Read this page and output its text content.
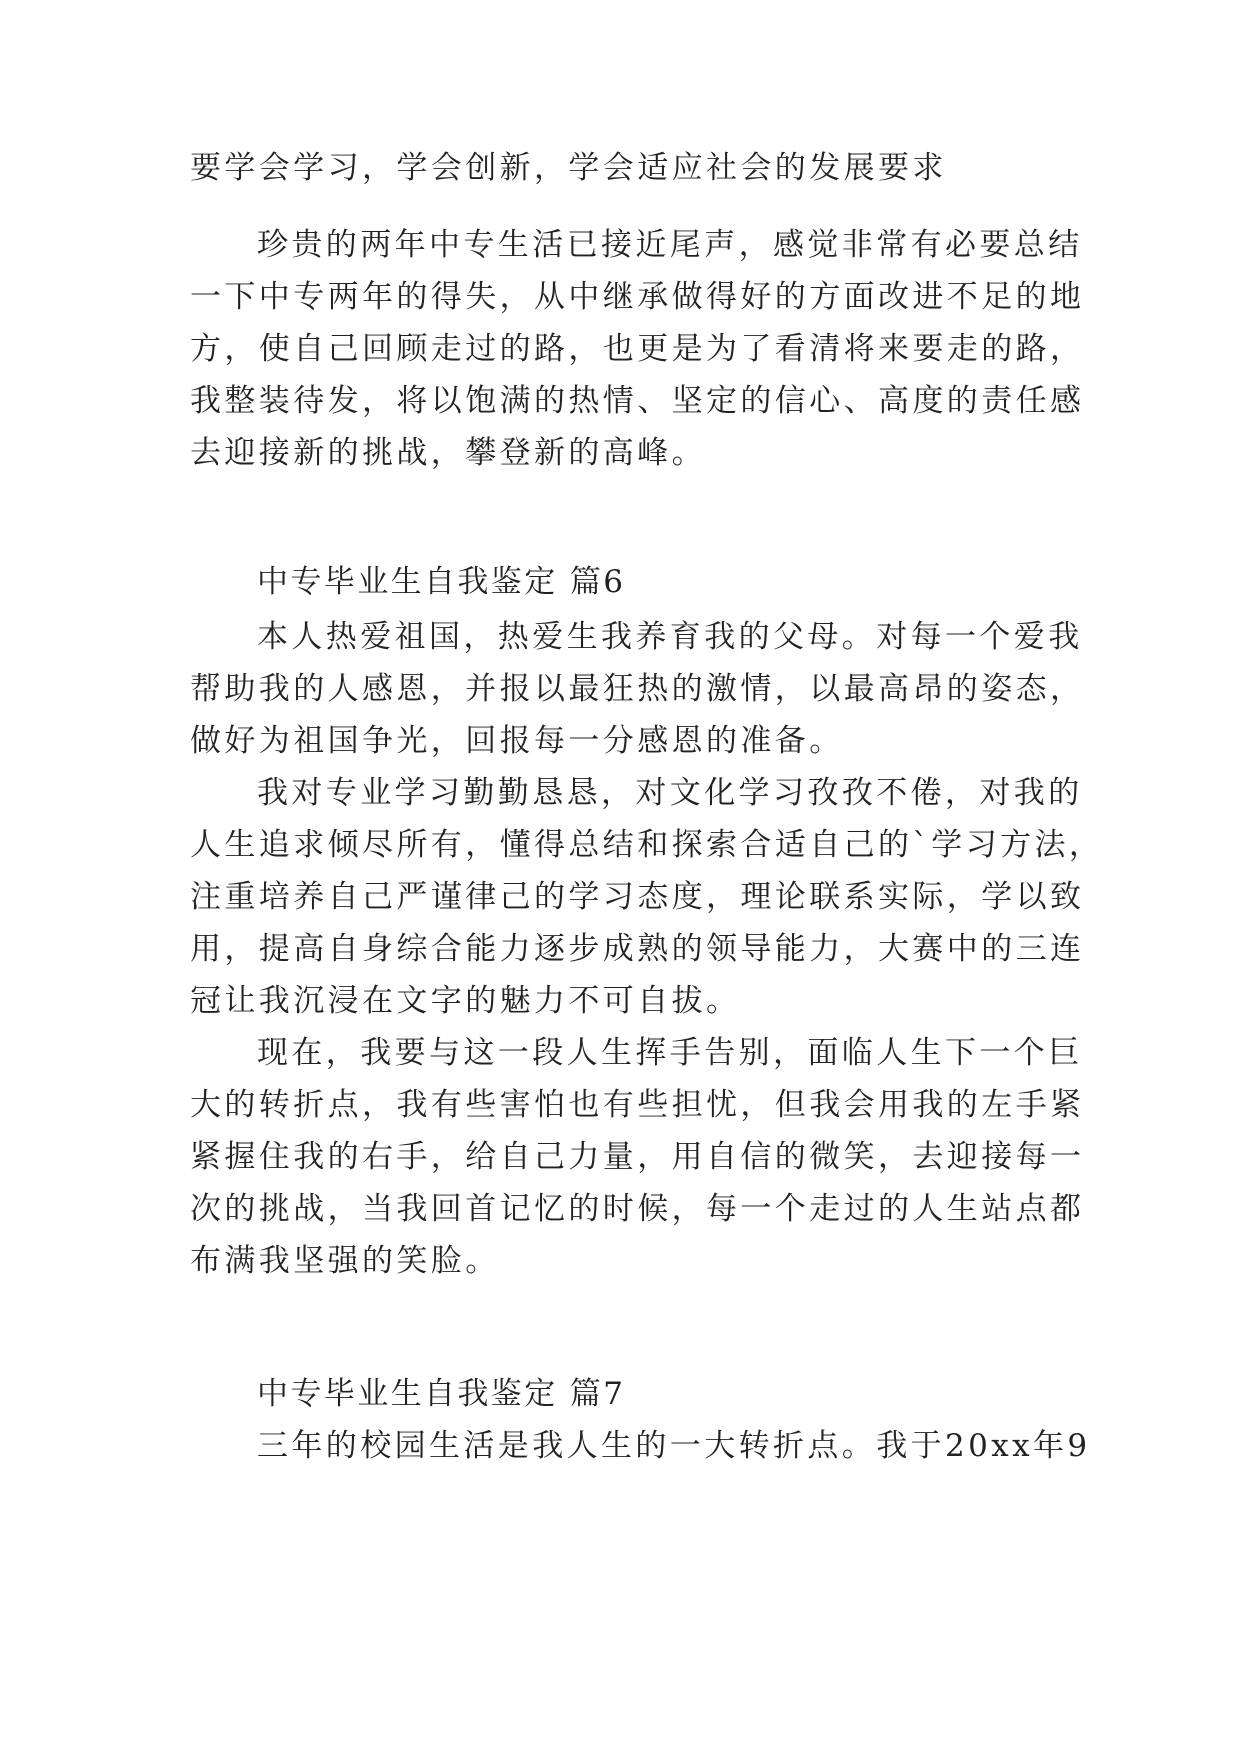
要学会学习，学会创新，学会适应社会的发展要求

珍贵的两年中专生活已接近尾声，感觉非常有必要总结

一下中专两年的得失，从中继承做得好的方面改进不足的地

方，使自己回顾走过的路，也更是为了看清将来要走的路，

我整装待发，将以饱满的热情、坚定的信心、高度的责任感

去迎接新的挑战，攀登新的高峰。

中专毕业生自我鉴定 篇6

本人热爱祖国，热爱生我养育我的父母。对每一个爱我

帮助我的人感恩，并报以最狂热的激情，以最高昂的姿态，

做好为祖国争光，回报每一分感恩的准备。

我对专业学习勤勤恳恳，对文化学习孜孜不倦，对我的

人生追求倾尽所有，懂得总结和探索合适自己的`学习方法，

注重培养自己严谨律己的学习态度，理论联系实际，学以致

用，提高自身综合能力逐步成熟的领导能力，大赛中的三连

冠让我沉浸在文字的魅力不可自拔。

现在，我要与这一段人生挥手告别，面临人生下一个巨

大的转折点，我有些害怕也有些担忧，但我会用我的左手紧

紧握住我的右手，给自己力量，用自信的微笑，去迎接每一

次的挑战，当我回首记忆的时候，每一个走过的人生站点都

布满我坚强的笑脸。

中专毕业生自我鉴定 篇7

三年的校园生活是我人生的一大转折点。我于20xx年9
